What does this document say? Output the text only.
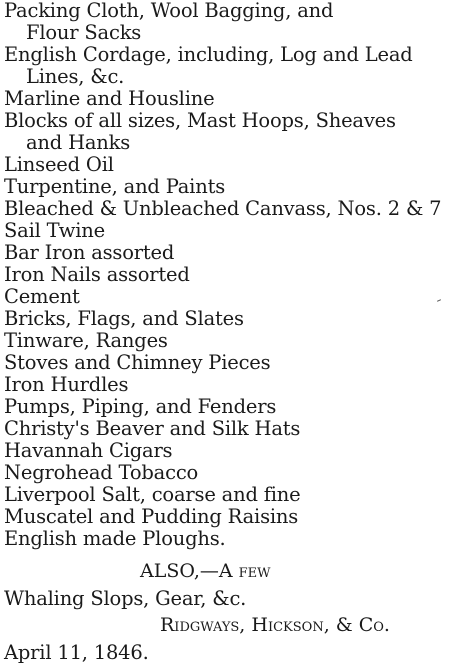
Packing Cloth, Wool Bagging, and
Flour Sacks
English Cordage, including, Log and Lead
Lines, &c.
Marline and Housline
Blocks of all sizes, Mast Hoops, Sheaves
and Hanks
Linseed Oil
Turpentine, and Paints
Bleached & Unbleached Canvass, Nos. 2 & 7
Sail Twine
Bar Iron assorted
Iron Nails assorted
Cement
Bricks, Flags, and Slates
Tinware, Ranges
Stoves and Chimney Pieces
Iron Hurdles
Pumps, Piping, and Fenders
Christy's Beaver and Silk Hats
Havannah Cigars
Negrohead Tobacco
Liverpool Salt, coarse and fine
Muscatel and Pudding Raisins
English made Ploughs.
ALSO,—A few
Whaling Slops, Gear, &c.
Ridgways, Hickson, & Co.
April 11, 1846.
